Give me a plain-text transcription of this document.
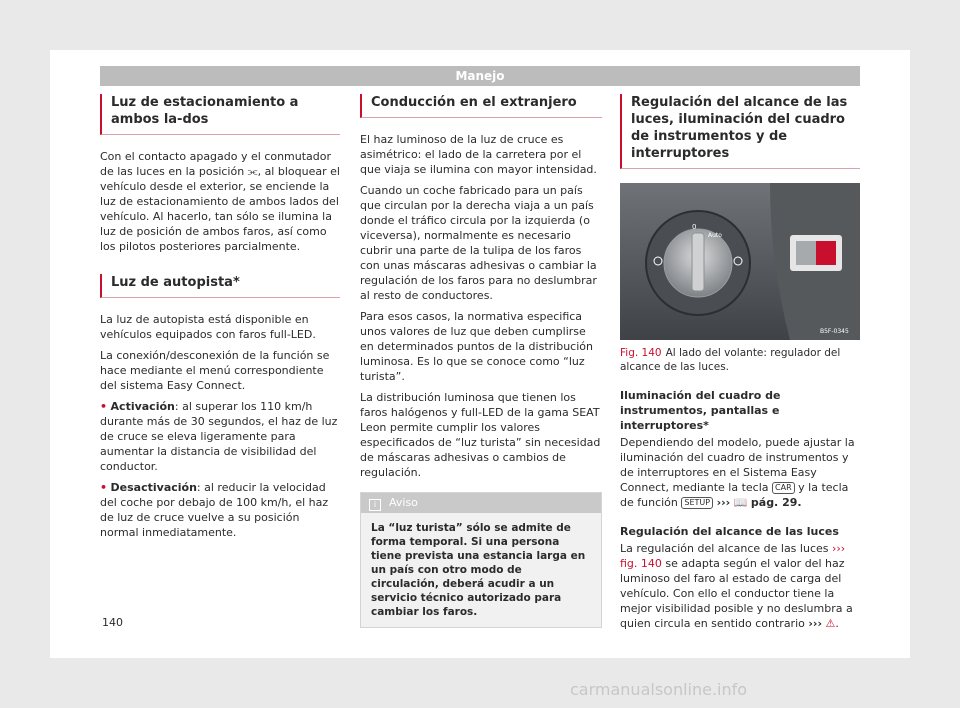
Manejo
Luz de estacionamiento a ambos la-dos

Con el contacto apagado y el conmutador de las luces en la posición ⫘, al bloquear el vehículo desde el exterior, se enciende la luz de estacionamiento de ambos lados del vehículo. Al hacerlo, tan sólo se ilumina la luz de posición de ambos faros, así como los pilotos posteriores parcialmente.

Luz de autopista*

La luz de autopista está disponible en vehículos equipados con faros full-LED.

La conexión/desconexión de la función se hace mediante el menú correspondiente del sistema Easy Connect.

• Activación: al superar los 110 km/h durante más de 30 segundos, el haz de luz de cruce se eleva ligeramente para aumentar la distancia de visibilidad del conductor.

• Desactivación: al reducir la velocidad del coche por debajo de 100 km/h, el haz de luz de cruce vuelve a su posición normal inmediatamente.

Conducción en el extranjero

El haz luminoso de la luz de cruce es asimétrico: el lado de la carretera por el que viaja se ilumina con mayor intensidad.

Cuando un coche fabricado para un país que circulan por la derecha viaja a un país donde el tráfico circula por la izquierda (o viceversa), normalmente es necesario cubrir una parte de la tulipa de los faros con unas máscaras adhesivas o cambiar la regulación de los faros para no deslumbrar al resto de conductores.

Para esos casos, la normativa especifica unos valores de luz que deben cumplirse en determinados puntos de la distribución luminosa. Es lo que se conoce como “luz turista”.

La distribución luminosa que tienen los faros halógenos y full-LED de la gama SEAT Leon permite cumplir los valores especificados de “luz turista” sin necesidad de máscaras adhesivas o cambios de regulación.

i Aviso
La “luz turista” sólo se admite de forma temporal. Si una persona tiene prevista una estancia larga en un país con otro modo de circulación, deberá acudir a un servicio técnico autorizado para cambiar los faros.
Regulación del alcance de las luces, iluminación del cuadro de instrumentos y de interruptores
0
Auto
B5F-0345
Fig. 140 Al lado del volante: regulador del alcance de las luces.

Iluminación del cuadro de instrumentos, pantallas e interruptores*

Dependiendo del modelo, puede ajustar la iluminación del cuadro de instrumentos y de interruptores en el Sistema Easy Connect, mediante la tecla CAR y la tecla de función SETUP ››› 📖 pág. 29.

Regulación del alcance de las luces

La regulación del alcance de las luces ››› fig. 140 se adapta según el valor del haz luminoso del faro al estado de carga del vehículo. Con ello el conductor tiene la mejor visibilidad posible y no deslumbra a quien circula en sentido contrario ››› ⚠.

140
carmanualsonline.info
